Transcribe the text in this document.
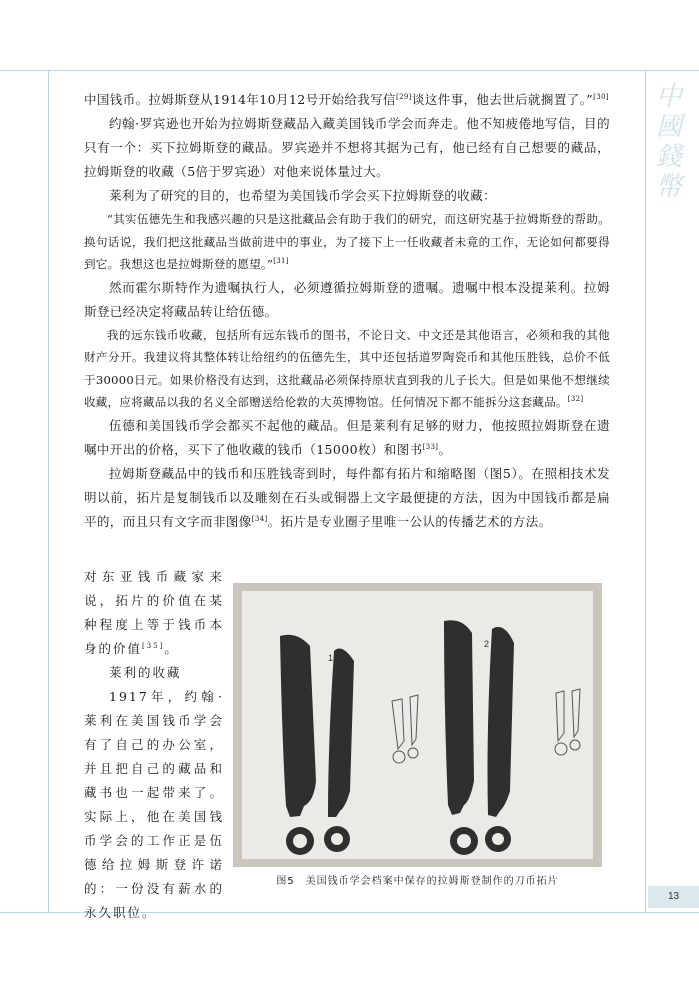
中國錢幣
13

中国钱币。拉姆斯登从1914年10月12号开始给我写信[29]谈这件事，他去世后就搁置了。”[30]

约翰·罗宾逊也开始为拉姆斯登藏品入藏美国钱币学会而奔走。他不知疲倦地写信，目的只有一个：买下拉姆斯登的藏品。罗宾逊并不想将其据为己有，他已经有自己想要的藏品，拉姆斯登的收藏（5倍于罗宾逊）对他来说体量过大。

莱利为了研究的目的，也希望为美国钱币学会买下拉姆斯登的收藏：

“其实伍德先生和我感兴趣的只是这批藏品会有助于我们的研究，而这研究基于拉姆斯登的帮助。换句话说，我们把这批藏品当做前进中的事业，为了接下上一任收藏者未竟的工作，无论如何都要得到它。我想这也是拉姆斯登的愿望。”[31]

然而霍尔斯特作为遗嘱执行人，必须遵循拉姆斯登的遗嘱。遗嘱中根本没提莱利。拉姆斯登已经决定将藏品转让给伍德。

我的远东钱币收藏，包括所有远东钱币的图书，不论日文、中文还是其他语言，必须和我的其他财产分开。我建议将其整体转让给纽约的伍德先生，其中还包括道罗陶瓷币和其他压胜钱，总价不低于30000日元。如果价格没有达到，这批藏品必须保持原状直到我的儿子长大。但是如果他不想继续收藏，应将藏品以我的名义全部赠送给伦敦的大英博物馆。任何情况下都不能拆分这套藏品。[32]

伍德和美国钱币学会都买不起他的藏品。但是莱利有足够的财力，他按照拉姆斯登在遗嘱中开出的价格，买下了他收藏的钱币（15000枚）和图书[33]。

拉姆斯登藏品中的钱币和压胜钱寄到时，每件都有拓片和缩略图（图5）。在照相技术发明以前，拓片是复制钱币以及雕刻在石头或铜器上文字最便捷的方法，因为中国钱币都是扁平的，而且只有文字而非图像[34]。拓片是专业圈子里唯一公认的传播艺术的方法。

对东亚钱币藏家来说，拓片的价值在某种程度上等于钱币本身的价值[35]。

莱利的收藏

1917年，约翰·莱利在美国钱币学会有了自己的办公室，并且把自己的藏品和藏书也一起带来了。实际上，他在美国钱币学会的工作正是伍德给拉姆斯登许诺的：一份没有薪水的永久职位。

1
2
图5　美国钱币学会档案中保存的拉姆斯登制作的刀币拓片
